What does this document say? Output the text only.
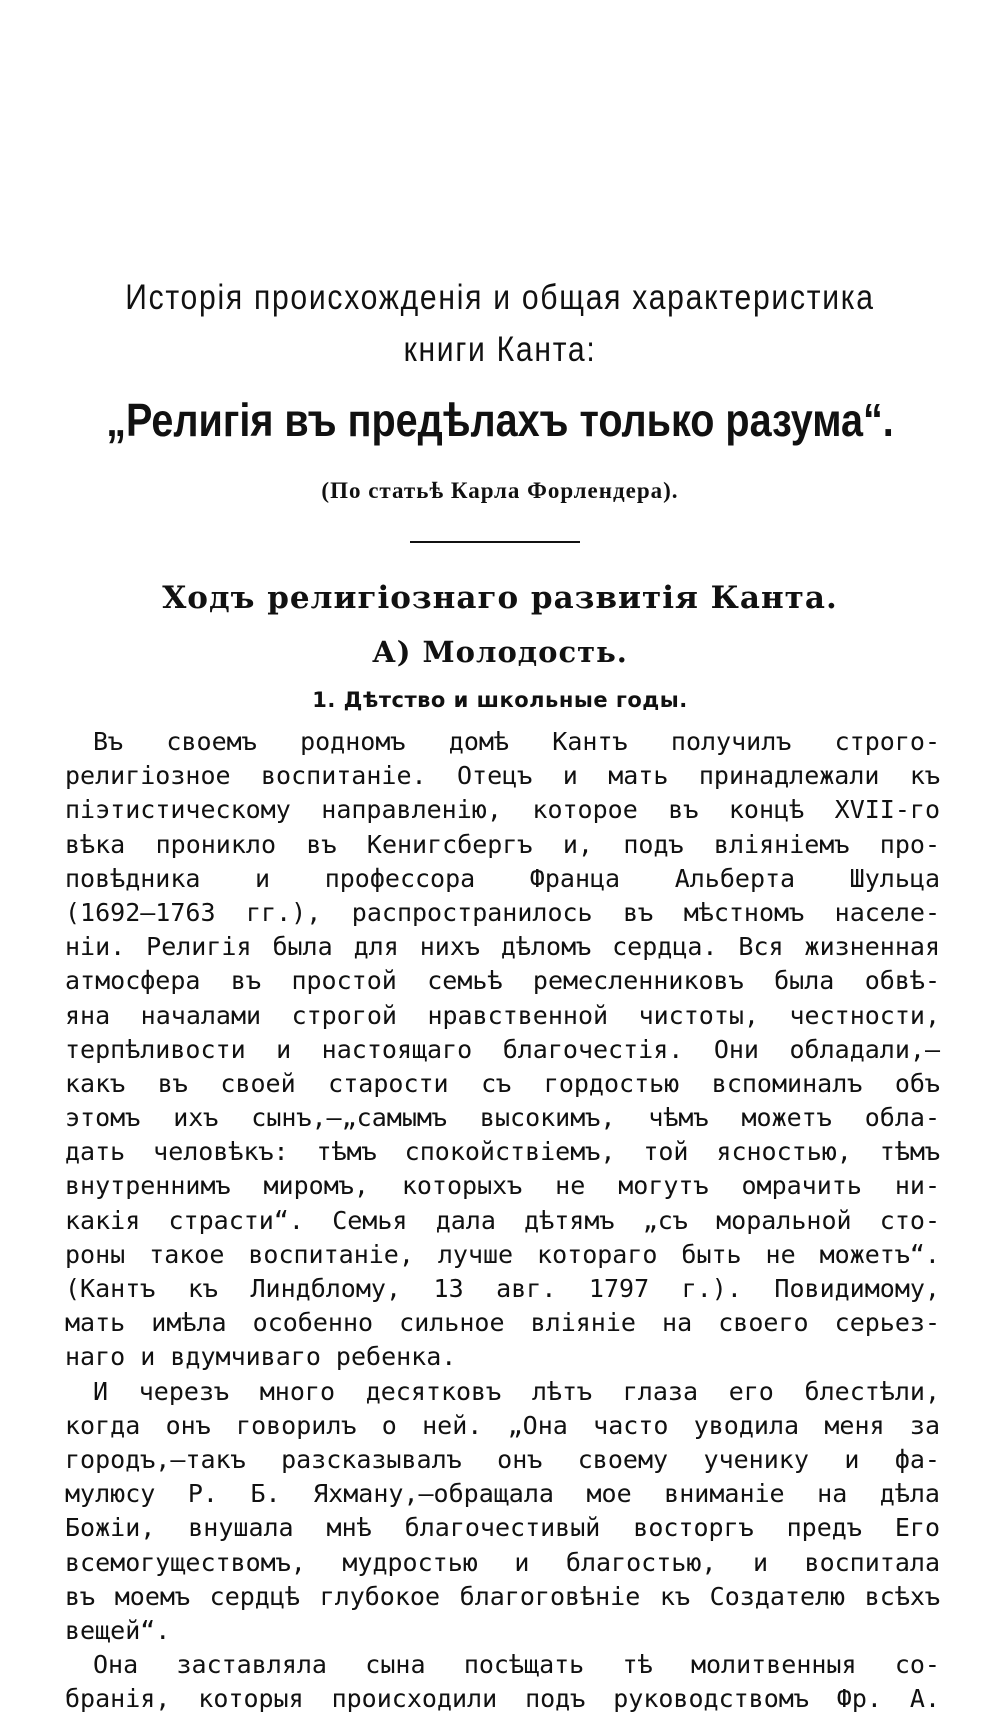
Исторія происхожденія и общая характеристика
книги Канта:
„Религія въ предѣлахъ только разума“.
(По статьѣ Карла Форлендера).
Ходъ религіознаго развитія Канта.
А) Молодость.
1. Дѣтство и школьные годы.
Въ своемъ родномъ домѣ Кантъ получилъ строго-
религіозное воспитаніе. Отецъ и мать принадлежали къ
піэтистическому направленію, которое въ концѣ XVII-го
вѣка проникло въ Кенигсбергъ и, подъ вліяніемъ про-
повѣдника и профессора Франца Альберта Шульца
(1692—1763 гг.), распространилось въ мѣстномъ населе-
ніи. Религія была для нихъ дѣломъ сердца. Вся жизненная
атмосфера въ простой семьѣ ремесленниковъ была обвѣ-
яна началами строгой нравственной чистоты, честности,
терпѣливости и настоящаго благочестія. Они обладали,—
какъ въ своей старости съ гордостью вспоминалъ объ
этомъ ихъ сынъ,—„самымъ высокимъ, чѣмъ можетъ обла-
дать человѣкъ: тѣмъ спокойствіемъ, той ясностью, тѣмъ
внутреннимъ миромъ, которыхъ не могутъ омрачить ни-
какія страсти“. Семья дала дѣтямъ „съ моральной сто-
роны такое воспитаніе, лучше котораго быть не можетъ“.
(Кантъ къ Линдблому, 13 авг. 1797 г.). Повидимому,
мать имѣла особенно сильное вліяніе на своего серьез-
наго и вдумчиваго ребенка.
И черезъ много десятковъ лѣтъ глаза его блестѣли,
когда онъ говорилъ о ней. „Она часто уводила меня за
городъ,—такъ разсказывалъ онъ своему ученику и фа-
мулюсу Р. Б. Яхману,—обращала мое вниманіе на дѣла
Божіи, внушала мнѣ благочестивый восторгъ предъ Его
всемогуществомъ, мудростью и благостью, и воспитала
въ моемъ сердцѣ глубокое благоговѣніе къ Создателю всѣхъ
вещей“.
Она заставляла сына посѣщать тѣ молитвенныя со-
бранія, которыя происходили подъ руководствомъ Фр. А.
